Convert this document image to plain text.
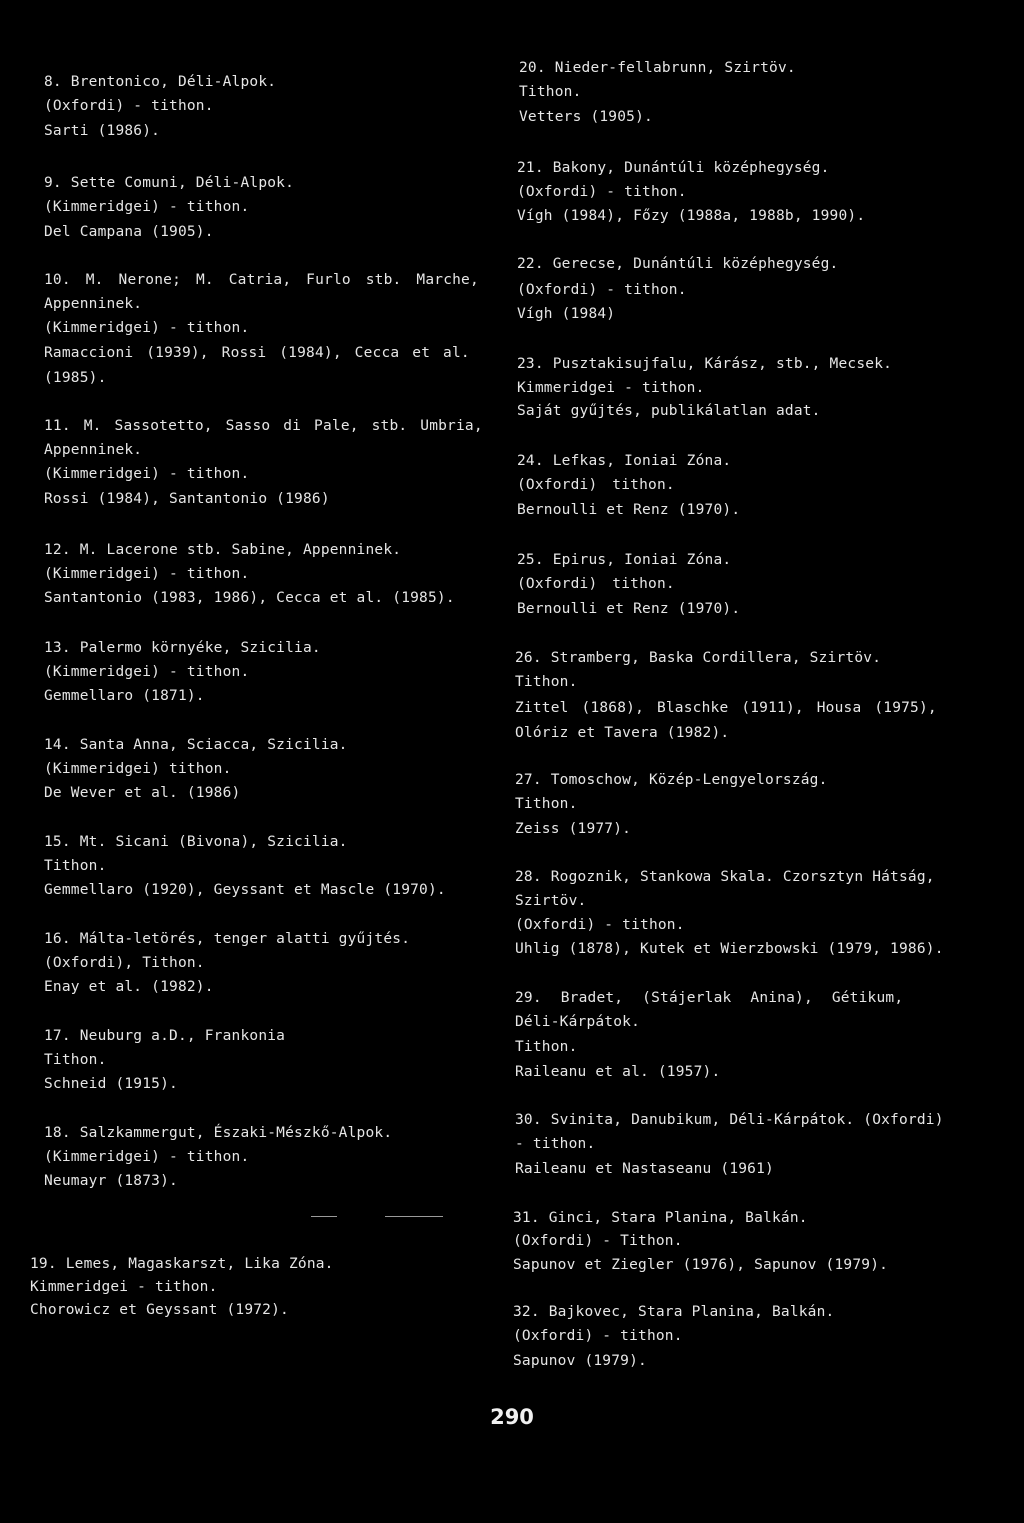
8. Brentonico, Déli-Alpok.
(Oxfordi) - tithon.
Sarti (1986).
9. Sette Comuni, Déli-Alpok.
(Kimmeridgei) - tithon.
Del Campana (1905).
10. M. Nerone; M. Catria, Furlo stb. Marche,
Appenninek.
(Kimmeridgei) - tithon.
Ramaccioni (1939), Rossi (1984), Cecca et al.
(1985).
11. M. Sassotetto, Sasso di Pale, stb. Umbria,
Appenninek.
(Kimmeridgei) - tithon.
Rossi (1984), Santantonio (1986)
12. M. Lacerone stb. Sabine, Appenninek.
(Kimmeridgei) - tithon.
Santantonio (1983, 1986), Cecca et al. (1985).
13. Palermo környéke, Szicilia.
(Kimmeridgei) - tithon.
Gemmellaro (1871).
14. Santa Anna, Sciacca, Szicilia.
(Kimmeridgei) tithon.
De Wever et al. (1986)
15. Mt. Sicani (Bivona), Szicilia.
Tithon.
Gemmellaro (1920), Geyssant et Mascle (1970).
16. Málta-letörés, tenger alatti gyűjtés.
(Oxfordi), Tithon.
Enay et al. (1982).
17. Neuburg a.D., Frankonia
Tithon.
Schneid (1915).
18. Salzkammergut, Északi-Mészkő-Alpok.
(Kimmeridgei) - tithon.
Neumayr (1873).
19. Lemes, Magaskarszt, Lika Zóna.
Kimmeridgei - tithon.
Chorowicz et Geyssant (1972).
20. Nieder-fellabrunn, Szirtöv.
Tithon.
Vetters (1905).
21. Bakony, Dunántúli középhegység.
(Oxfordi) - tithon.
Vígh (1984), Főzy (1988a, 1988b, 1990).
22. Gerecse, Dunántúli középhegység.
(Oxfordi) - tithon.
Vígh (1984)
23. Pusztakisujfalu, Kárász, stb., Mecsek.
Kimmeridgei - tithon.
Saját gyűjtés, publikálatlan adat.
24. Lefkas, Ioniai Zóna.
(Oxfordi) tithon.
Bernoulli et Renz (1970).
25. Epirus, Ioniai Zóna.
(Oxfordi) tithon.
Bernoulli et Renz (1970).
26. Stramberg, Baska Cordillera, Szirtöv.
Tithon.
Zittel (1868), Blaschke (1911), Housa (1975),
Olóriz et Tavera (1982).
27. Tomoschow, Közép-Lengyelország.
Tithon.
Zeiss (1977).
28. Rogoznik, Stankowa Skala. Czorsztyn Hátság,
Szirtöv.
(Oxfordi) - tithon.
Uhlig (1878), Kutek et Wierzbowski (1979, 1986).
29. Bradet, (Stájerlak Anina), Gétikum,
Déli-Kárpátok.
Tithon.
Raileanu et al. (1957).
30. Svinita, Danubikum, Déli-Kárpátok. (Oxfordi)
- tithon.
Raileanu et Nastaseanu (1961)
31. Ginci, Stara Planina, Balkán.
(Oxfordi) - Tithon.
Sapunov et Ziegler (1976), Sapunov (1979).
32. Bajkovec, Stara Planina, Balkán.
(Oxfordi) - tithon.
Sapunov (1979).
290
